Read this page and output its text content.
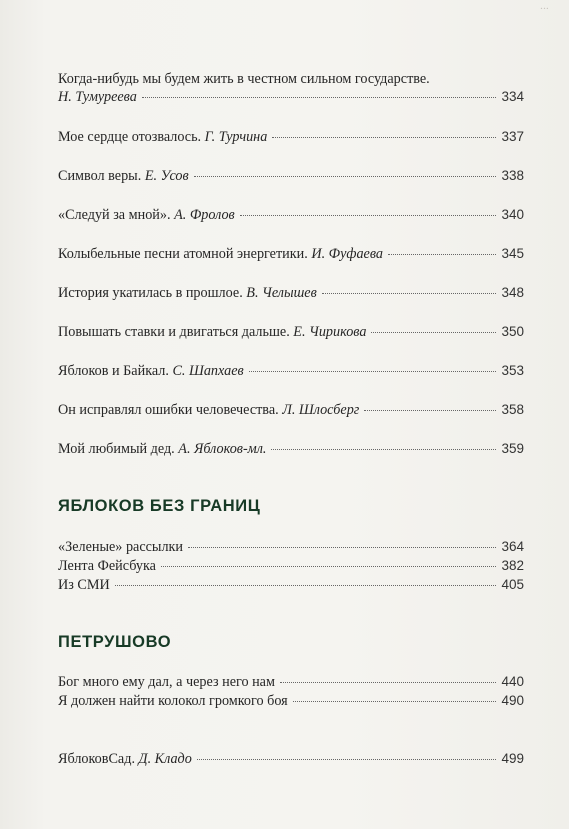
...
Когда-нибудь мы будем жить в честном сильном государстве.
Н. Тумуреева	334
Мое сердце отозвалось. Г. Турчина	337
Символ веры. Е. Усов	338
«Следуй за мной». А. Фролов	340
Колыбельные песни атомной энергетики. И. Фуфаева	345
История укатилась в прошлое. В. Челышев	348
Повышать ставки и двигаться дальше. Е. Чирикова	350
Яблоков и Байкал. С. Шапхаев	353
Он исправлял ошибки человечества. Л. Шлосберг	358
Мой любимый дед. А. Яблоков-мл.	359
ЯБЛОКОВ БЕЗ ГРАНИЦ
«Зеленые» рассылки	364
Лента Фейсбука	382
Из СМИ	405
ПЕТРУШОВО
Бог много ему дал, а через него нам	440
Я должен найти колокол громкого боя	490
ЯблоковСад. Д. Кладо	499
